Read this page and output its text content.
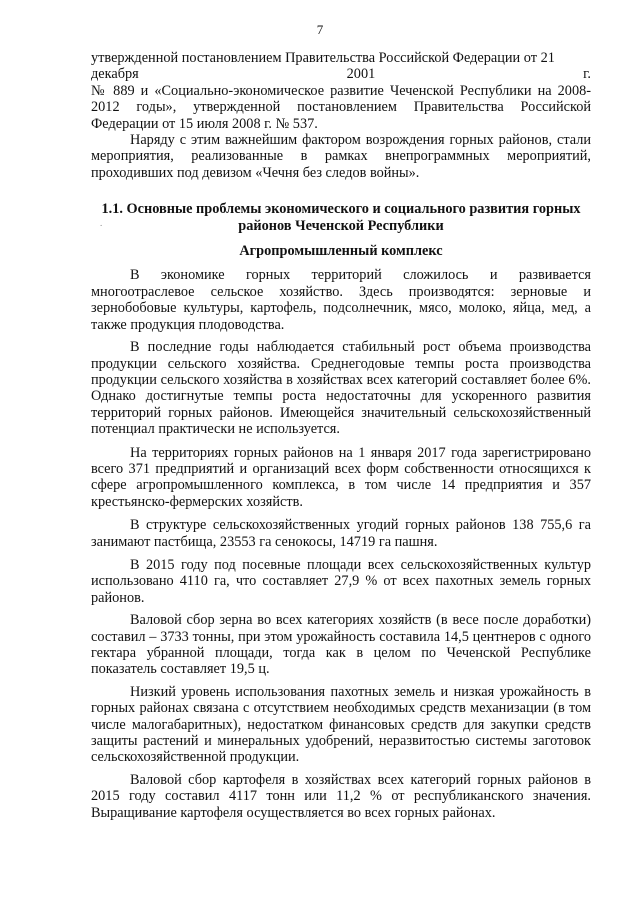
7
.

утвержденной постановлением Правительства Российской Федерации от 21

декабря	2001	г.

№ 889 и «Социально-экономическое развитие Чеченской Республики на 2008-2012 годы», утвержденной постановлением Правительства Российской Федерации от 15 июля 2008 г. № 537.

Наряду с этим важнейшим фактором возрождения горных районов, стали мероприятия, реализованные в рамках внепрограммных мероприятий, проходивших под девизом «Чечня без следов войны».

1.1. Основные проблемы экономического и социального развития горных районов Чеченской Республики
Агропромышленный комплекс

В экономике горных территорий сложилось и развивается многоотраслевое сельское хозяйство. Здесь производятся: зерновые и зернобобовые культуры, картофель, подсолнечник, мясо, молоко, яйца, мед, а также продукция плодоводства.

В последние годы наблюдается стабильный рост объема производства продукции сельского хозяйства. Среднегодовые темпы роста производства продукции сельского хозяйства в хозяйствах всех категорий составляет более 6%. Однако достигнутые темпы роста недостаточны для ускоренного развития территорий горных районов. Имеющейся значительный сельскохозяйственный потенциал практически не используется.

На территориях горных районов на 1 января 2017 года зарегистрировано всего 371 предприятий и организаций всех форм собственности относящихся к сфере агропромышленного комплекса, в том числе 14 предприятия и 357 крестьянско-фермерских хозяйств.

В структуре сельскохозяйственных угодий горных районов 138 755,6 га занимают пастбища, 23553 га сенокосы, 14719 га пашня.

В 2015 году под посевные площади всех сельскохозяйственных культур использовано 4110 га, что составляет 27,9 % от всех пахотных земель горных районов.

Валовой сбор зерна во всех категориях хозяйств (в весе после доработки) составил – 3733 тонны, при этом урожайность составила 14,5 центнеров с одного гектара убранной площади, тогда как в целом по Чеченской Республике показатель составляет 19,5 ц.

Низкий уровень использования пахотных земель и низкая урожайность в горных районах связана с отсутствием необходимых средств механизации (в том числе малогабаритных), недостатком финансовых средств для закупки средств защиты растений и минеральных удобрений, неразвитостью системы заготовок сельскохозяйственной продукции.

Валовой сбор картофеля в хозяйствах всех категорий горных районов в 2015 году составил 4117 тонн или 11,2 % от республиканского значения. Выращивание картофеля осуществляется во всех горных районах.
